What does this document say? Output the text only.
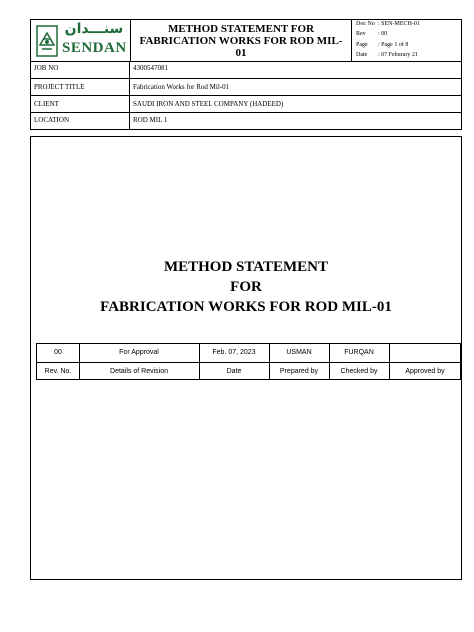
سنـــدان
SENDAN
METHOD STATEMENT FOR
FABRICATION WORKS FOR ROD MIL-
01
Doc No : SEN-MECH-01
Rev : 00
Page : Page 1 of 8
Date : 07 Feburary 21
JOB NO	4300547081
PROJECT TITLE	Fabrication Works for Rod Mil-01
CLIENT	SAUDI IRON AND STEEL COMPANY (HADEED)
LOCATION	ROD MIL 1
METHOD STATEMENT
FOR
FABRICATION WORKS FOR ROD MIL-01
00	For Approval	Feb. 07, 2023	USMAN	FURQAN
Rev. No.	Details of Revision	Date	Prepared by	Checked by	Approved by
